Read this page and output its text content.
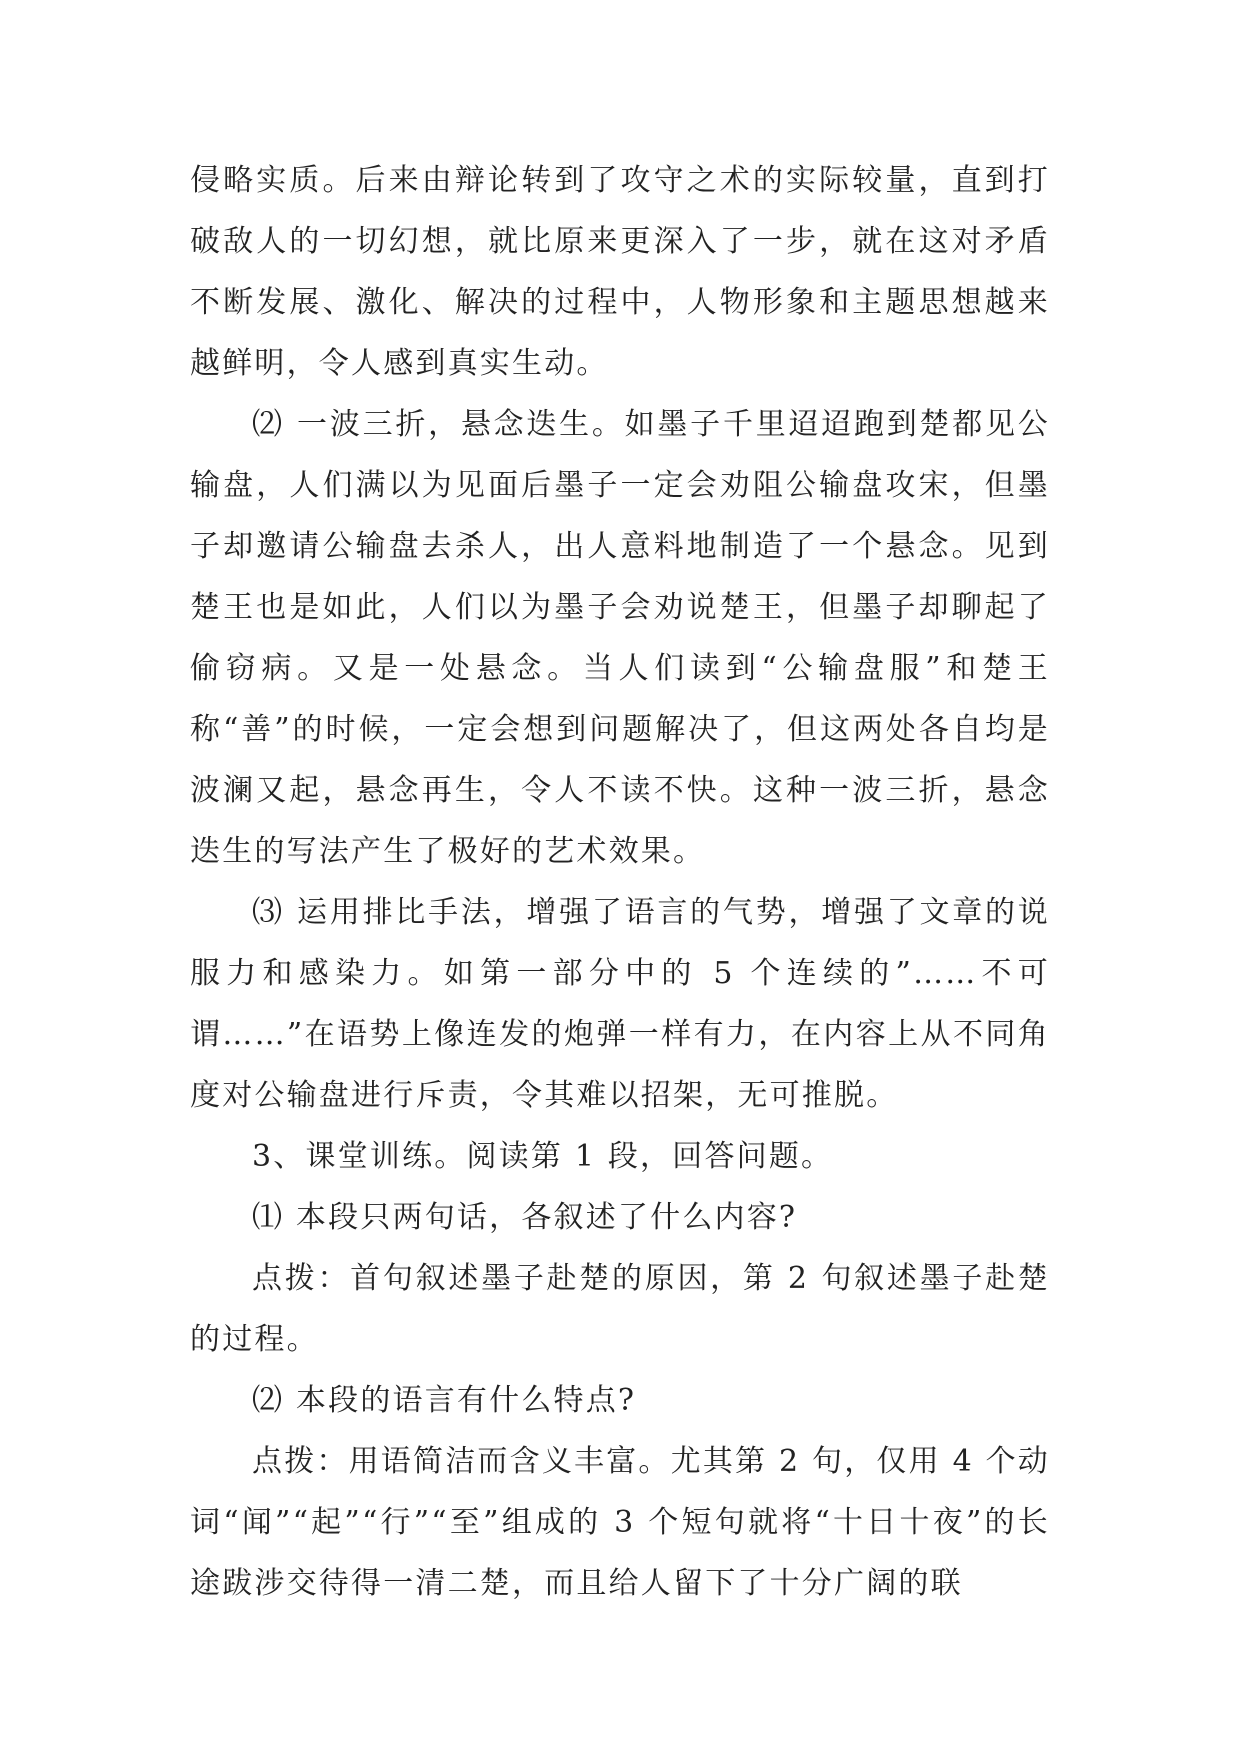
侵略实质。后来由辩论转到了攻守之术的实际较量，直到打破敌人的一切幻想，就比原来更深入了一步，就在这对矛盾不断发展、激化、解决的过程中，人物形象和主题思想越来越鲜明，令人感到真实生动。

⑵ 一波三折，悬念迭生。如墨子千里迢迢跑到楚都见公输盘，人们满以为见面后墨子一定会劝阻公输盘攻宋，但墨子却邀请公输盘去杀人，出人意料地制造了一个悬念。见到楚王也是如此，人们以为墨子会劝说楚王，但墨子却聊起了偷窃病。又是一处悬念。当人们读到“公输盘服”和楚王称“善”的时候，一定会想到问题解决了，但这两处各自均是波澜又起，悬念再生，令人不读不快。这种一波三折，悬念迭生的写法产生了极好的艺术效果。

⑶ 运用排比手法，增强了语言的气势，增强了文章的说服力和感染力。如第一部分中的 5 个连续的”……不可谓……”在语势上像连发的炮弹一样有力，在内容上从不同角度对公输盘进行斥责，令其难以招架，无可推脱。

3、课堂训练。阅读第 1 段，回答问题。

⑴ 本段只两句话，各叙述了什么内容?

点拨：首句叙述墨子赴楚的原因，第 2 句叙述墨子赴楚的过程。

⑵ 本段的语言有什么特点?

点拨：用语简洁而含义丰富。尤其第 2 句，仅用 4 个动词“闻”“起”“行”“至”组成的 3 个短句就将“十日十夜”的长途跋涉交待得一清二楚，而且给人留下了十分广阔的联
